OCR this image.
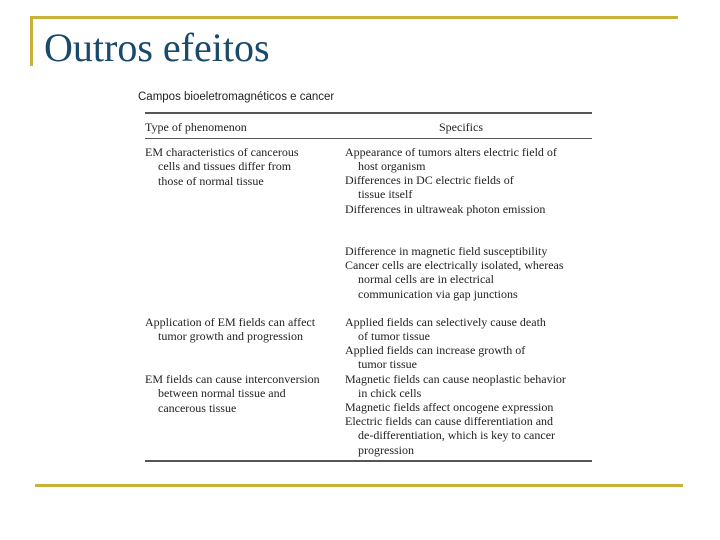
Outros efeitos
Campos bioeletromagnéticos e cancer
Type of phenomenon	Specifics
EM characteristics of cancerous
cells and tissues differ from
those of normal tissue
Appearance of tumors alters electric field of
host organism
Differences in DC electric fields of
tissue itself
Differences in ultraweak photon emission
Difference in magnetic field susceptibility
Cancer cells are electrically isolated, whereas
normal cells are in electrical
communication via gap junctions
Application of EM fields can affect
tumor growth and progression
Applied fields can selectively cause death
of tumor tissue
Applied fields can increase growth of
tumor tissue
EM fields can cause interconversion
between normal tissue and
cancerous tissue
Magnetic fields can cause neoplastic behavior
in chick cells
Magnetic fields affect oncogene expression
Electric fields can cause differentiation and
de-differentiation, which is key to cancer
progression
